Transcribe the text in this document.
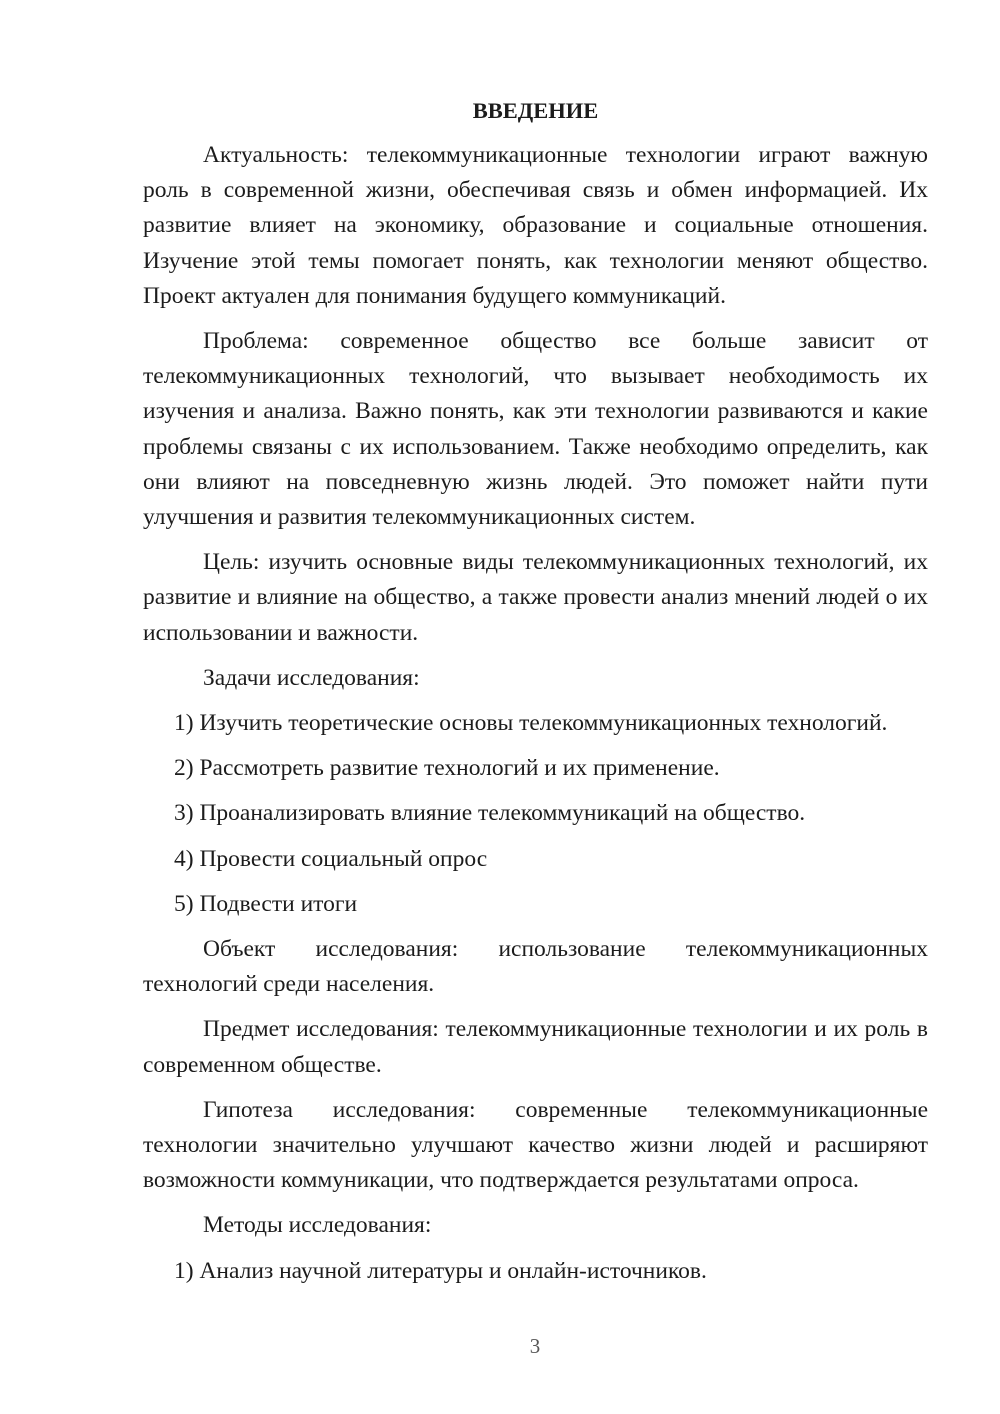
ВВЕДЕНИЕ

Актуальность: телекоммуникационные технологии играют важную роль в современной жизни, обеспечивая связь и обмен информацией. Их развитие влияет на экономику, образование и социальные отношения. Изучение этой темы помогает понять, как технологии меняют общество. Проект актуален для понимания будущего коммуникаций.

Проблема: современное общество все больше зависит от телекоммуникационных технологий, что вызывает необходимость их изучения и анализа. Важно понять, как эти технологии развиваются и какие проблемы связаны с их использованием. Также необходимо определить, как они влияют на повседневную жизнь людей. Это поможет найти пути улучшения и развития телекоммуникационных систем.

Цель: изучить основные виды телекоммуникационных технологий, их развитие и влияние на общество, а также провести анализ мнений людей о их использовании и важности.

Задачи исследования:

1) Изучить теоретические основы телекоммуникационных технологий.
2) Рассмотреть развитие технологий и их применение.
3) Проанализировать влияние телекоммуникаций на общество.
4) Провести социальный опрос
5) Подвести итоги

Объект исследования: использование телекоммуникационных технологий среди населения.

Предмет исследования: телекоммуникационные технологии и их роль в современном обществе.

Гипотеза исследования: современные телекоммуникационные технологии значительно улучшают качество жизни людей и расширяют возможности коммуникации, что подтверждается результатами опроса.

Методы исследования:

1) Анализ научной литературы и онлайн-источников.
3
